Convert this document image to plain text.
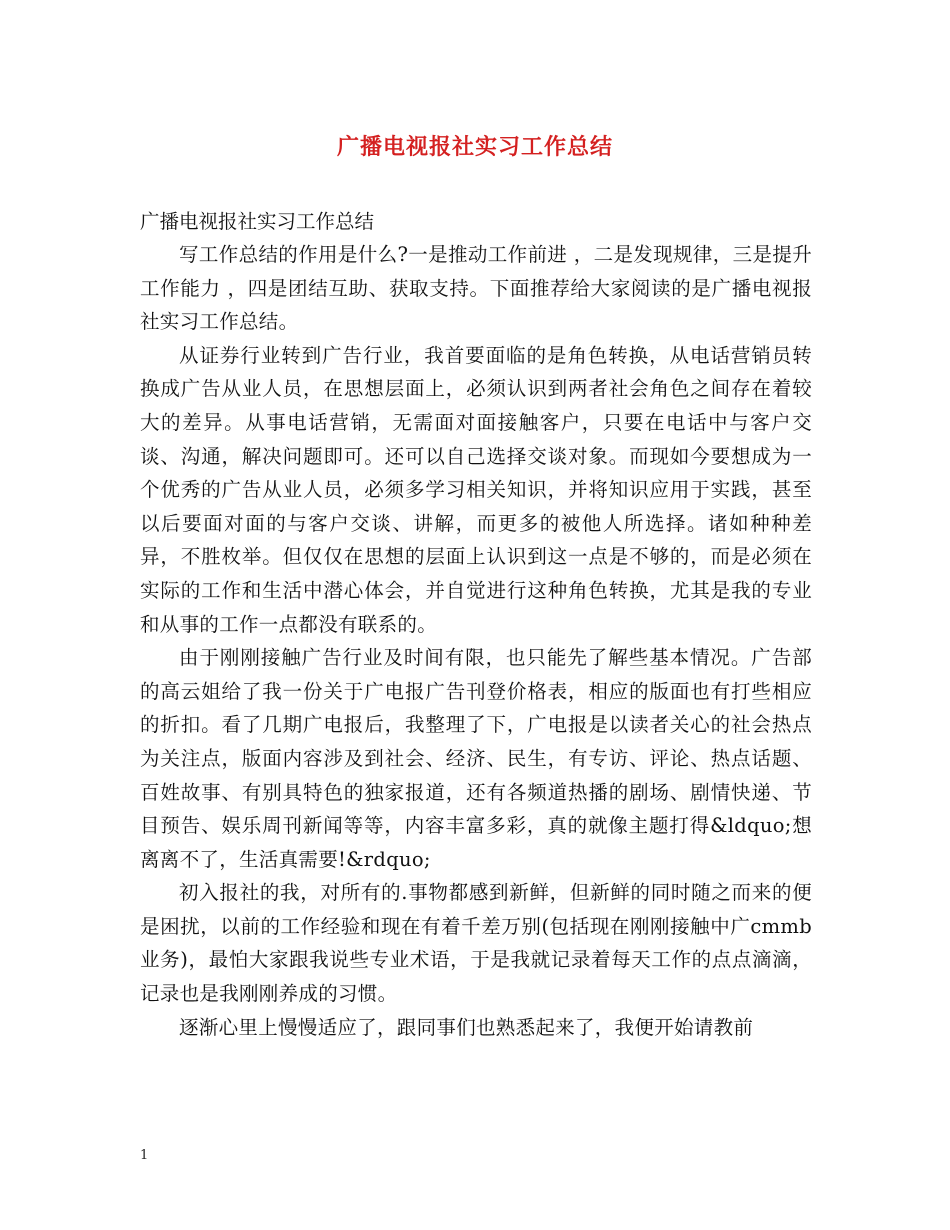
广播电视报社实习工作总结

广播电视报社实习工作总结

写工作总结的作用是什么?一是推动工作前进 ，二是发现规律，三是提升工作能力 ，四是团结互助、获取支持。下面推荐给大家阅读的是广播电视报社实习工作总结。

从证券行业转到广告行业，我首要面临的是角色转换，从电话营销员转换成广告从业人员，在思想层面上，必须认识到两者社会角色之间存在着较大的差异。从事电话营销，无需面对面接触客户，只要在电话中与客户交谈、沟通，解决问题即可。还可以自己选择交谈对象。而现如今要想成为一个优秀的广告从业人员，必须多学习相关知识，并将知识应用于实践，甚至以后要面对面的与客户交谈、讲解，而更多的被他人所选择。诸如种种差异，不胜枚举。但仅仅在思想的层面上认识到这一点是不够的，而是必须在实际的工作和生活中潜心体会，并自觉进行这种角色转换，尤其是我的专业和从事的工作一点都没有联系的。

由于刚刚接触广告行业及时间有限，也只能先了解些基本情况。广告部的高云姐给了我一份关于广电报广告刊登价格表，相应的版面也有打些相应的折扣。看了几期广电报后，我整理了下，广电报是以读者关心的社会热点为关注点，版面内容涉及到社会、经济、民生，有专访、评论、热点话题、百姓故事、有别具特色的独家报道，还有各频道热播的剧场、剧情快递、节目预告、娱乐周刊新闻等等，内容丰富多彩，真的就像主题打得&ldquo;想离离不了，生活真需要!&rdquo;

初入报社的我，对所有的.事物都感到新鲜，但新鲜的同时随之而来的便是困扰，以前的工作经验和现在有着千差万别(包括现在刚刚接触中广cmmb业务)，最怕大家跟我说些专业术语，于是我就记录着每天工作的点点滴滴，记录也是我刚刚养成的习惯。

逐渐心里上慢慢适应了，跟同事们也熟悉起来了，我便开始请教前

1
